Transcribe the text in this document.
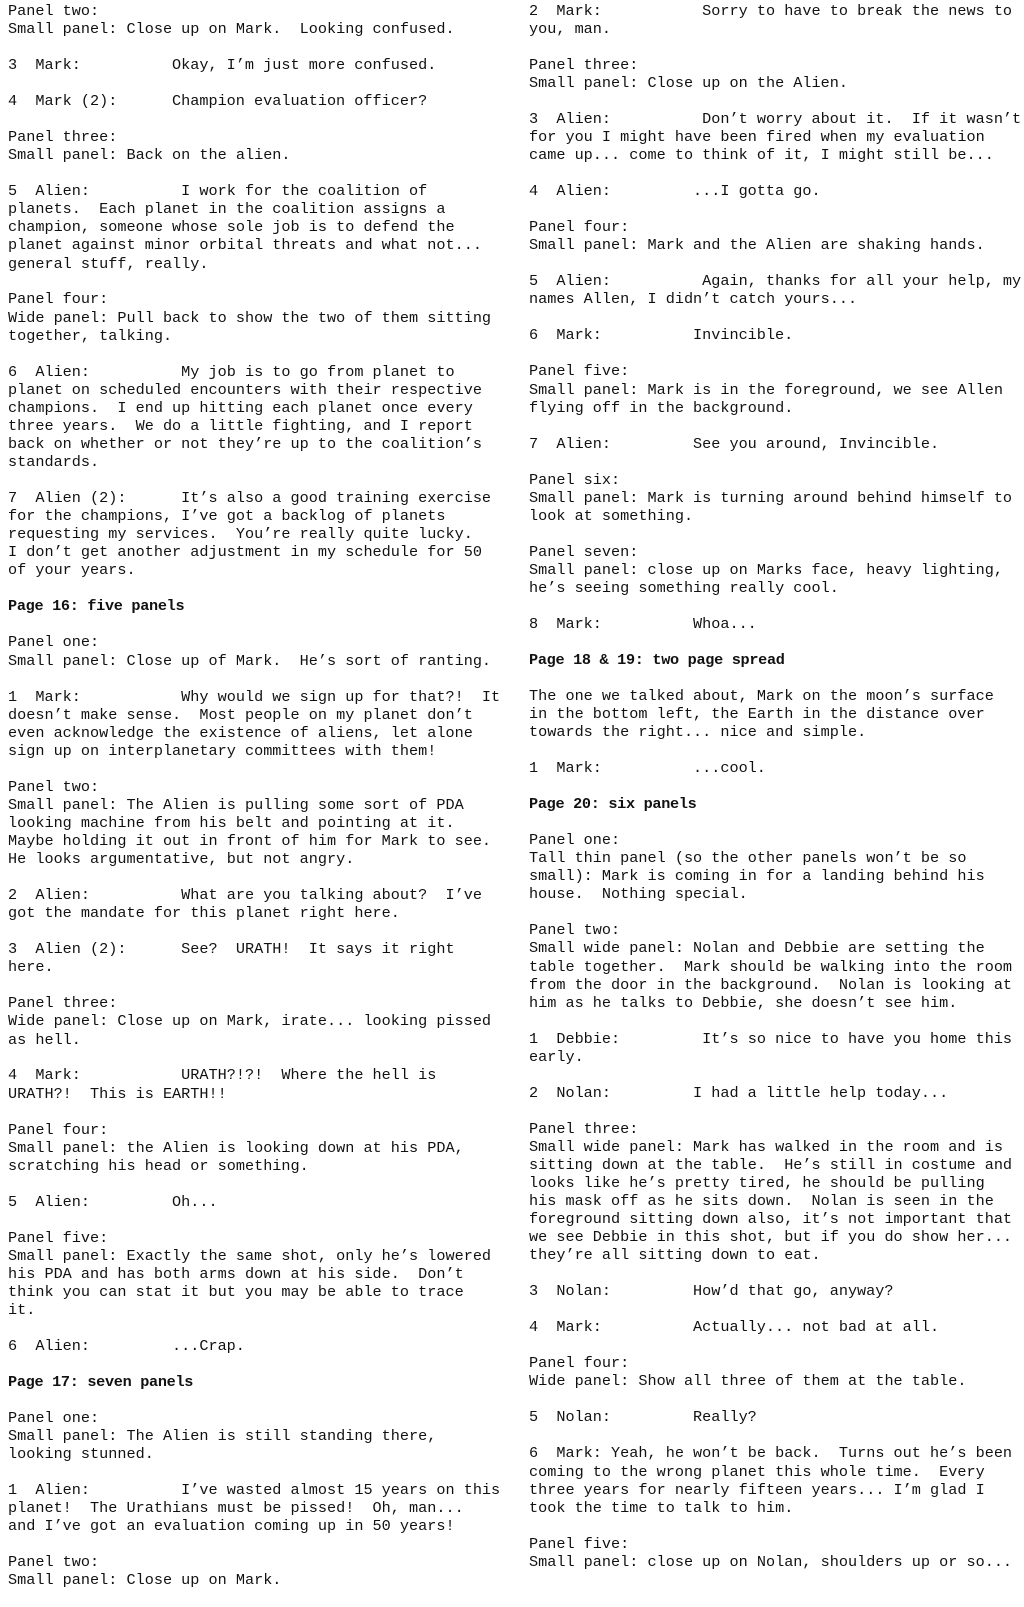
Panel two:
Small panel: Close up on Mark.  Looking confused.
3  Mark:	Okay, I’m just more confused.
4  Mark (2):	Champion evaluation officer?
Panel three:
Small panel: Back on the alien.
5  Alien:          I work for the coalition of
planets.  Each planet in the coalition assigns a
champion, someone whose sole job is to defend the
planet against minor orbital threats and what not...
general stuff, really.
Panel four:
Wide panel: Pull back to show the two of them sitting
together, talking.
6  Alien:          My job is to go from planet to
planet on scheduled encounters with their respective
champions.  I end up hitting each planet once every
three years.  We do a little fighting, and I report
back on whether or not they’re up to the coalition’s
standards.
7  Alien (2):      It’s also a good training exercise
for the champions, I’ve got a backlog of planets
requesting my services.  You’re really quite lucky.
I don’t get another adjustment in my schedule for 50
of your years.
Page 16: five panels
Panel one:
Small panel: Close up of Mark.  He’s sort of ranting.
1  Mark:           Why would we sign up for that?!  It
doesn’t make sense.  Most people on my planet don’t
even acknowledge the existence of aliens, let alone
sign up on interplanetary committees with them!
Panel two:
Small panel: The Alien is pulling some sort of PDA
looking machine from his belt and pointing at it.
Maybe holding it out in front of him for Mark to see.
He looks argumentative, but not angry.
2  Alien:          What are you talking about?  I’ve
got the mandate for this planet right here.
3  Alien (2):      See?  URATH!  It says it right
here.
Panel three:
Wide panel: Close up on Mark, irate... looking pissed
as hell.
4  Mark:           URATH?!?!  Where the hell is
URATH?!  This is EARTH!!
Panel four:
Small panel: the Alien is looking down at his PDA,
scratching his head or something.
5  Alien:	Oh...
Panel five:
Small panel: Exactly the same shot, only he’s lowered
his PDA and has both arms down at his side.  Don’t
think you can stat it but you may be able to trace
it.
6  Alien:	...Crap.
Page 17: seven panels
Panel one:
Small panel: The Alien is still standing there,
looking stunned.
1  Alien:          I’ve wasted almost 15 years on this
planet!  The Urathians must be pissed!  Oh, man...
and I’ve got an evaluation coming up in 50 years!
Panel two:
Small panel: Close up on Mark.
2  Mark:           Sorry to have to break the news to
you, man.
Panel three:
Small panel: Close up on the Alien.
3  Alien:          Don’t worry about it.  If it wasn’t
for you I might have been fired when my evaluation
came up... come to think of it, I might still be...
4  Alien:	...I gotta go.
Panel four:
Small panel: Mark and the Alien are shaking hands.
5  Alien:          Again, thanks for all your help, my
names Allen, I didn’t catch yours...
6  Mark:	Invincible.
Panel five:
Small panel: Mark is in the foreground, we see Allen
flying off in the background.
7  Alien:	See you around, Invincible.
Panel six:
Small panel: Mark is turning around behind himself to
look at something.
Panel seven:
Small panel: close up on Marks face, heavy lighting,
he’s seeing something really cool.
8  Mark:	Whoa...
Page 18 & 19: two page spread
The one we talked about, Mark on the moon’s surface
in the bottom left, the Earth in the distance over
towards the right... nice and simple.
1  Mark:	...cool.
Page 20: six panels
Panel one:
Tall thin panel (so the other panels won’t be so
small): Mark is coming in for a landing behind his
house.  Nothing special.
Panel two:
Small wide panel: Nolan and Debbie are setting the
table together.  Mark should be walking into the room
from the door in the background.  Nolan is looking at
him as he talks to Debbie, she doesn’t see him.
1  Debbie:         It’s so nice to have you home this
early.
2  Nolan:	I had a little help today...
Panel three:
Small wide panel: Mark has walked in the room and is
sitting down at the table.  He’s still in costume and
looks like he’s pretty tired, he should be pulling
his mask off as he sits down.  Nolan is seen in the
foreground sitting down also, it’s not important that
we see Debbie in this shot, but if you do show her...
they’re all sitting down to eat.
3  Nolan:	How’d that go, anyway?
4  Mark:	Actually... not bad at all.
Panel four:
Wide panel: Show all three of them at the table.
5  Nolan:	Really?
6  Mark: Yeah, he won’t be back.  Turns out he’s been
coming to the wrong planet this whole time.  Every
three years for nearly fifteen years... I’m glad I
took the time to talk to him.
Panel five:
Small panel: close up on Nolan, shoulders up or so...
